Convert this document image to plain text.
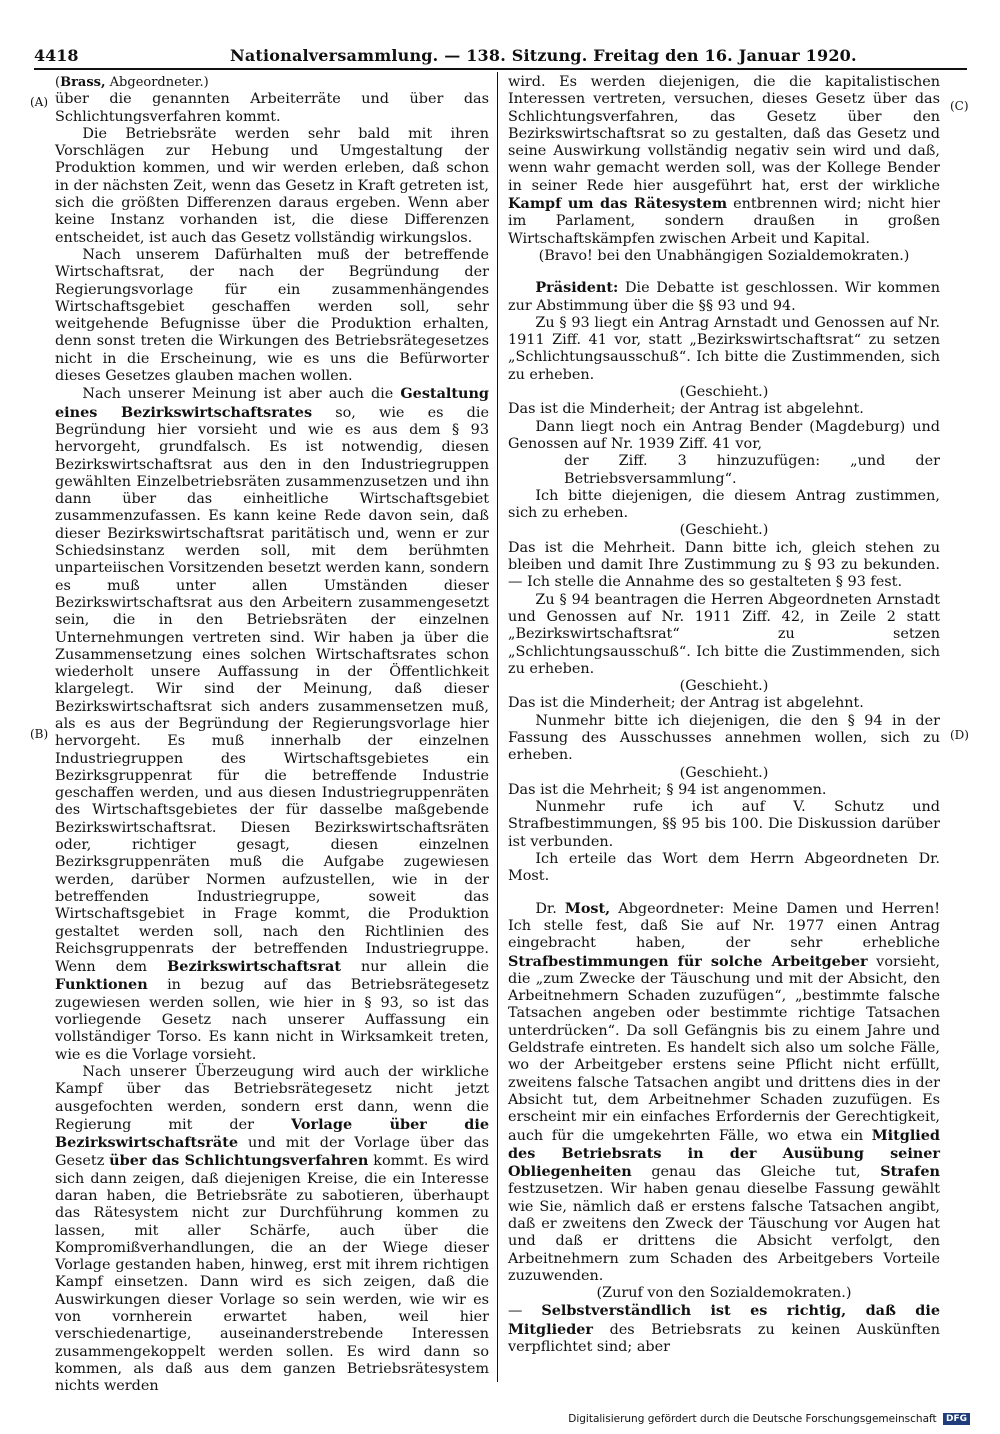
4418	Nationalversammlung. — 138. Sitzung. Freitag den 16. Januar 1920.
(A)
(B)
(C)
(D)

(Brass, Abgeordneter.)

über die genannten Arbeiterräte und über das Schlichtungsverfahren kommt.

Die Betriebsräte werden sehr bald mit ihren Vorschlägen zur Hebung und Umgestaltung der Produktion kommen, und wir werden erleben, daß schon in der nächsten Zeit, wenn das Gesetz in Kraft getreten ist, sich die größten Differenzen daraus ergeben. Wenn aber keine Instanz vorhanden ist, die diese Differenzen entscheidet, ist auch das Gesetz vollständig wirkungslos.

Nach unserem Dafürhalten muß der betreffende Wirtschaftsrat, der nach der Begründung der Regierungsvorlage für ein zusammenhängendes Wirtschaftsgebiet geschaffen werden soll, sehr weitgehende Befugnisse über die Produktion erhalten, denn sonst treten die Wirkungen des Betriebsrätegesetzes nicht in die Erscheinung, wie es uns die Befürworter dieses Gesetzes glauben machen wollen.

Nach unserer Meinung ist aber auch die Gestaltung eines Bezirkswirtschaftsrates so, wie es die Begründung hier vorsieht und wie es aus dem § 93 hervorgeht, grundfalsch. Es ist notwendig, diesen Bezirkswirtschaftsrat aus den in den Industriegruppen gewählten Einzelbetriebsräten zusammenzusetzen und ihn dann über das einheitliche Wirtschaftsgebiet zusammenzufassen. Es kann keine Rede davon sein, daß dieser Bezirkswirtschaftsrat paritätisch und, wenn er zur Schiedsinstanz werden soll, mit dem berühmten unparteiischen Vorsitzenden besetzt werden kann, sondern es muß unter allen Umständen dieser Bezirkswirtschaftsrat aus den Arbeitern zusammengesetzt sein, die in den Betriebsräten der einzelnen Unternehmungen vertreten sind. Wir haben ja über die Zusammensetzung eines solchen Wirtschaftsrates schon wiederholt unsere Auffassung in der Öffentlichkeit klargelegt. Wir sind der Meinung, daß dieser Bezirkswirtschaftsrat sich anders zusammensetzen muß, als es aus der Begründung der Regierungsvorlage hier hervorgeht. Es muß innerhalb der einzelnen Industriegruppen des Wirtschaftsgebietes ein Bezirksgruppenrat für die betreffende Industrie geschaffen werden, und aus diesen Industriegruppenräten des Wirtschaftsgebietes der für dasselbe maßgebende Bezirkswirtschaftsrat. Diesen Bezirkswirtschaftsräten oder, richtiger gesagt, diesen einzelnen Bezirksgruppenräten muß die Aufgabe zugewiesen werden, darüber Normen aufzustellen, wie in der betreffenden Industriegruppe, soweit das Wirtschaftsgebiet in Frage kommt, die Produktion gestaltet werden soll, nach den Richtlinien des Reichsgruppenrats der betreffenden Industriegruppe. Wenn dem Bezirkswirtschaftsrat nur allein die Funktionen in bezug auf das Betriebsrätegesetz zugewiesen werden sollen, wie hier in § 93, so ist das vorliegende Gesetz nach unserer Auffassung ein vollständiger Torso. Es kann nicht in Wirksamkeit treten, wie es die Vorlage vorsieht.

Nach unserer Überzeugung wird auch der wirkliche Kampf über das Betriebsrätegesetz nicht jetzt ausgefochten werden, sondern erst dann, wenn die Regierung mit der Vorlage über die Bezirkswirtschaftsräte und mit der Vorlage über das Gesetz über das Schlichtungsverfahren kommt. Es wird sich dann zeigen, daß diejenigen Kreise, die ein Interesse daran haben, die Betriebsräte zu sabotieren, überhaupt das Rätesystem nicht zur Durchführung kommen zu lassen, mit aller Schärfe, auch über die Kompromißverhandlungen, die an der Wiege dieser Vorlage gestanden haben, hinweg, erst mit ihrem richtigen Kampf einsetzen. Dann wird es sich zeigen, daß die Auswirkungen dieser Vorlage so sein werden, wie wir es von vornherein erwartet haben, weil hier verschiedenartige, auseinanderstrebende Interessen zusammengekoppelt werden sollen. Es wird dann so kommen, als daß aus dem ganzen Betriebsrätesystem nichts werden

wird. Es werden diejenigen, die die kapitalistischen Interessen vertreten, versuchen, dieses Gesetz über das Schlichtungsverfahren, das Gesetz über den Bezirkswirtschaftsrat so zu gestalten, daß das Gesetz und seine Auswirkung vollständig negativ sein wird und daß, wenn wahr gemacht werden soll, was der Kollege Bender in seiner Rede hier ausgeführt hat, erst der wirkliche Kampf um das Rätesystem entbrennen wird; nicht hier im Parlament, sondern draußen in großen Wirtschaftskämpfen zwischen Arbeit und Kapital.

(Bravo! bei den Unabhängigen Sozialdemokraten.)

Präsident: Die Debatte ist geschlossen. Wir kommen zur Abstimmung über die §§ 93 und 94.

Zu § 93 liegt ein Antrag Arnstadt und Genossen auf Nr. 1911 Ziff. 41 vor, statt „Bezirkswirtschaftsrat“ zu setzen „Schlichtungsausschuß“. Ich bitte die Zustimmenden, sich zu erheben.

(Geschieht.)

Das ist die Minderheit; der Antrag ist abgelehnt.

Dann liegt noch ein Antrag Bender (Magdeburg) und Genossen auf Nr. 1939 Ziff. 41 vor,

der Ziff. 3 hinzuzufügen: „und der Betriebsversammlung“.

Ich bitte diejenigen, die diesem Antrag zustimmen, sich zu erheben.

(Geschieht.)

Das ist die Mehrheit. Dann bitte ich, gleich stehen zu bleiben und damit Ihre Zustimmung zu § 93 zu bekunden. — Ich stelle die Annahme des so gestalteten § 93 fest.

Zu § 94 beantragen die Herren Abgeordneten Arnstadt und Genossen auf Nr. 1911 Ziff. 42, in Zeile 2 statt „Bezirkswirtschaftsrat“ zu setzen „Schlichtungsausschuß“. Ich bitte die Zustimmenden, sich zu erheben.

(Geschieht.)

Das ist die Minderheit; der Antrag ist abgelehnt.

Nunmehr bitte ich diejenigen, die den § 94 in der Fassung des Ausschusses annehmen wollen, sich zu erheben.

(Geschieht.)

Das ist die Mehrheit; § 94 ist angenommen.

Nunmehr rufe ich auf V. Schutz und Strafbestimmungen, §§ 95 bis 100. Die Diskussion darüber ist verbunden.

Ich erteile das Wort dem Herrn Abgeordneten Dr. Most.

Dr. Most, Abgeordneter: Meine Damen und Herren! Ich stelle fest, daß Sie auf Nr. 1977 einen Antrag eingebracht haben, der sehr erhebliche Strafbestimmungen für solche Arbeitgeber vorsieht, die „zum Zwecke der Täuschung und mit der Absicht, den Arbeitnehmern Schaden zuzufügen“, „bestimmte falsche Tatsachen angeben oder bestimmte richtige Tatsachen unterdrücken“. Da soll Gefängnis bis zu einem Jahre und Geldstrafe eintreten. Es handelt sich also um solche Fälle, wo der Arbeitgeber erstens seine Pflicht nicht erfüllt, zweitens falsche Tatsachen angibt und drittens dies in der Absicht tut, dem Arbeitnehmer Schaden zuzufügen. Es erscheint mir ein einfaches Erfordernis der Gerechtigkeit, auch für die umgekehrten Fälle, wo etwa ein Mitglied des Betriebsrats in der Ausübung seiner Obliegenheiten genau das Gleiche tut, Strafen festzusetzen. Wir haben genau dieselbe Fassung gewählt wie Sie, nämlich daß er erstens falsche Tatsachen angibt, daß er zweitens den Zweck der Täuschung vor Augen hat und daß er drittens die Absicht verfolgt, den Arbeitnehmern zum Schaden des Arbeitgebers Vorteile zuzuwenden.

(Zuruf von den Sozialdemokraten.)

— Selbstverständlich ist es richtig, daß die Mitglieder des Betriebsrats zu keinen Auskünften verpflichtet sind; aber

Digitalisierung gefördert durch die Deutsche Forschungsgemeinschaft DFG
